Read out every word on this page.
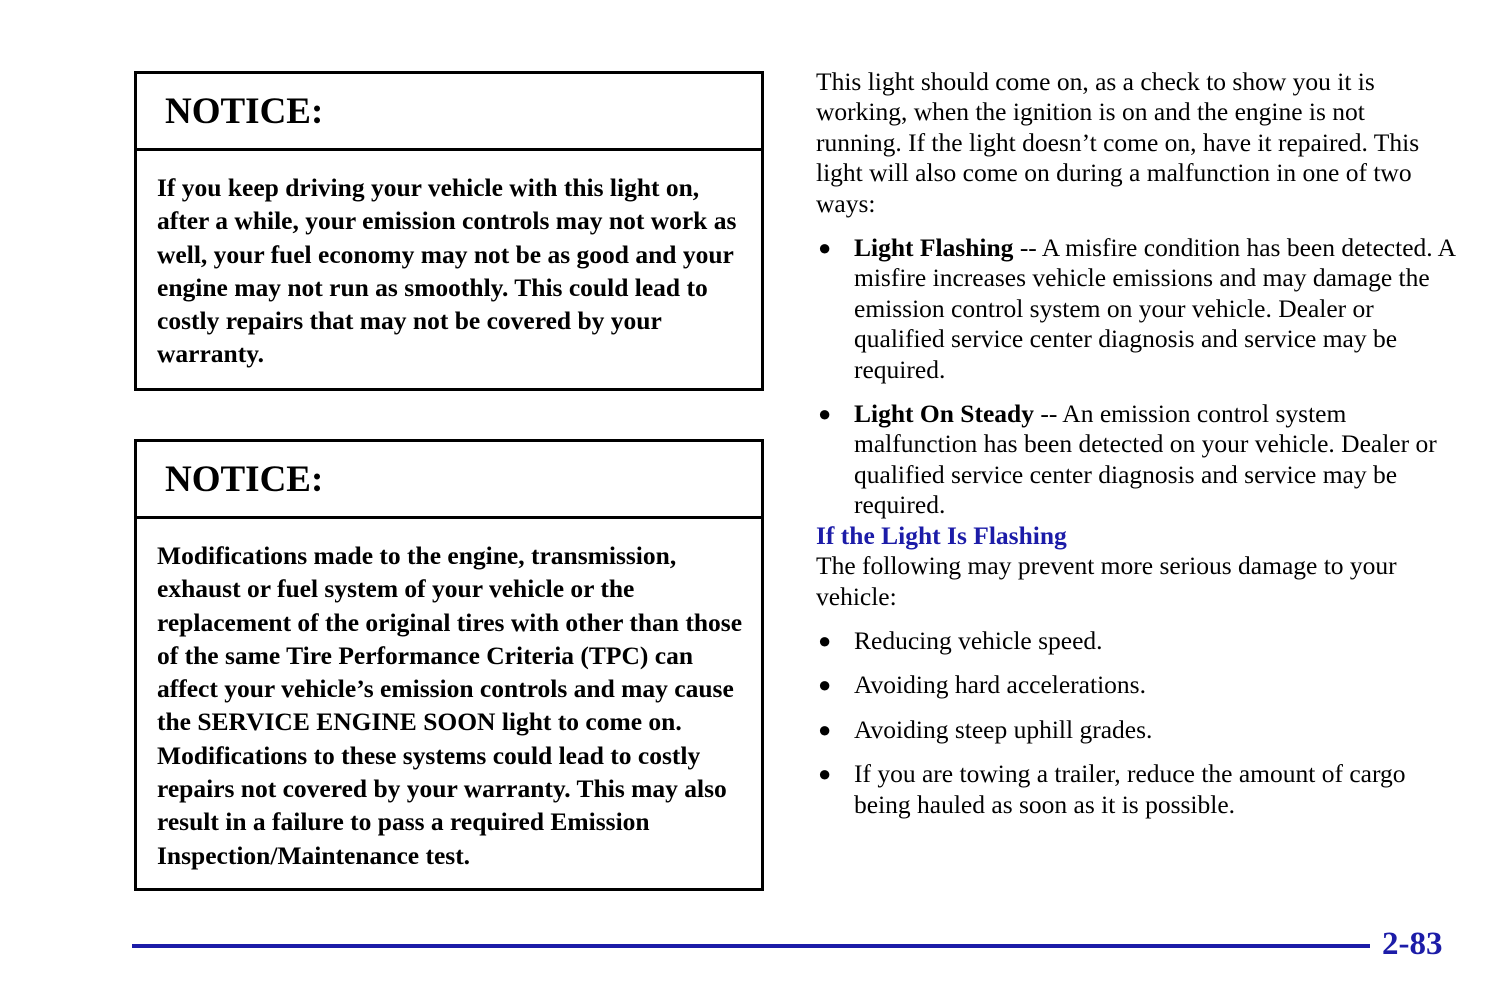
NOTICE:
If you keep driving your vehicle with this light on, after a while, your emission controls may not work as well, your fuel economy may not be as good and your engine may not run as smoothly. This could lead to costly repairs that may not be covered by your warranty.
NOTICE:
Modifications made to the engine, transmission, exhaust or fuel system of your vehicle or the replacement of the original tires with other than those of the same Tire Performance Criteria (TPC) can affect your vehicle’s emission controls and may cause the SERVICE ENGINE SOON light to come on. Modifications to these systems could lead to costly repairs not covered by your warranty. This may also result in a failure to pass a required Emission Inspection/Maintenance test.

This light should come on, as a check to show you it is working, when the ignition is on and the engine is not running. If the light doesn’t come on, have it repaired. This light will also come on during a malfunction in one of two ways:

● Light Flashing -- A misfire condition has been detected. A misfire increases vehicle emissions and may damage the emission control system on your vehicle. Dealer or qualified service center diagnosis and service may be required.
● Light On Steady -- An emission control system malfunction has been detected on your vehicle. Dealer or qualified service center diagnosis and service may be required.

If the Light Is Flashing

The following may prevent more serious damage to your vehicle:

● Reducing vehicle speed.
● Avoiding hard accelerations.
● Avoiding steep uphill grades.
● If you are towing a trailer, reduce the amount of cargo being hauled as soon as it is possible.
2-83
